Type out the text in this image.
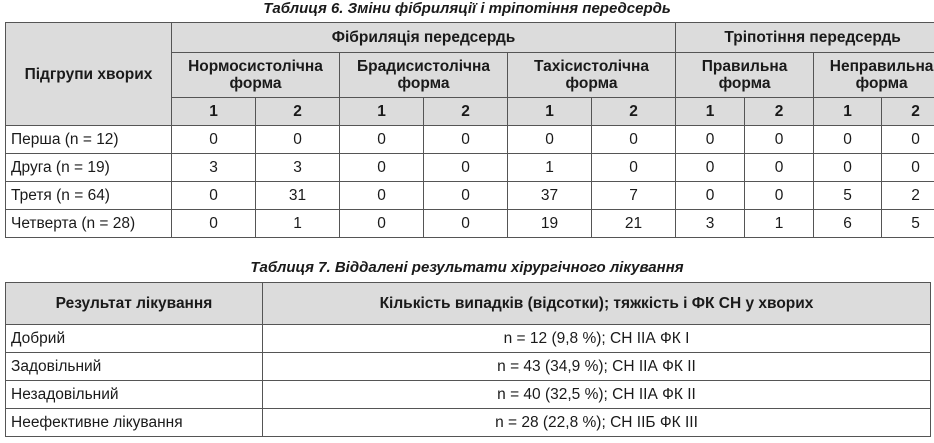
Таблиця 6. Зміни фібриляції і тріпотіння передсердь
Підгрупи хворих	Фібриляція передсердь						Тріпотіння передсердь			
	Нормосистолічна форма		Брадисистолічна форма		Тахісистолічна форма		Правильна форма		Неправильна форма	
	1	2	1	2	1	2	1	2	1	2
Перша (n = 12)	0	0	0	0	0	0	0	0	0	0
Друга (n = 19)	3	3	0	0	1	0	0	0	0	0
Третя (n = 64)	0	31	0	0	37	7	0	0	5	2
Четверта (n = 28)	0	1	0	0	19	21	3	1	6	5
Таблиця 7. Віддалені результати хірургічного лікування
Результат лікування	Кількість випадків (відсотки); тяжкість і ФК СН у хворих
Добрий	n = 12 (9,8 %); СН IIА ФК I
Задовільний	n = 43 (34,9 %); СН IIА ФК II
Незадовільний	n = 40 (32,5 %); СН IIА ФК II
Неефективне лікування	n = 28 (22,8 %); СН IIБ ФК III
